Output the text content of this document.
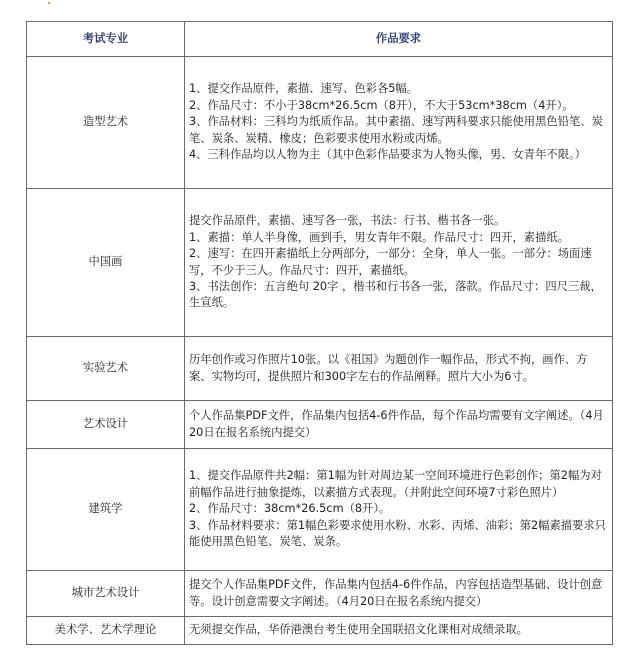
考试专业	作品要求
造型艺术	1、提交作品原件，素描、速写、色彩各5幅。
2、作品尺寸：不小于38cm*26.5cm（8开），不大于53cm*38cm（4开）。
3、作品材料：三科均为纸质作品。其中素描、速写两科要求只能使用黑色铅笔、炭笔、炭条、炭精、橡皮；色彩要求使用水粉或丙烯。
4、三科作品均以人物为主（其中色彩作品要求为人物头像，男、女青年不限。）

中国画	提交作品原件，素描、速写各一张，书法：行书、楷书各一张。
1、素描：单人半身像，画到手，男女青年不限。作品尺寸：四开，素描纸。
2、速写：在四开素描纸上分两部分，一部分：全身，单人一张。一部分：场面速写，不少于三人。作品尺寸：四开，素描纸。
3、书法创作：五言绝句 20字 ，楷书和行书各一张，落款。作品尺寸：四尺三裁，生宣纸。

实验艺术	历年创作或习作照片10张。以《祖国》为题创作一幅作品，形式不拘，画作、方案、实物均可，提供照片和300字左右的作品阐释。照片大小为6寸。

艺术设计	个人作品集PDF文件，作品集内包括4-6件作品，每个作品均需要有文字阐述。（4月20日在报名系统内提交）

建筑学	1、提交作品原件共2幅：第1幅为针对周边某一空间环境进行色彩创作；第2幅为对前幅作品进行抽象提炼，以素描方式表现。（并附此空间环境7寸彩色照片）
2、作品尺寸：38cm*26.5cm（8开）。
3、作品材料要求：第1幅色彩要求使用水粉、水彩、丙烯、油彩；第2幅素描要求只能使用黑色铅笔、炭笔、炭条。

城市艺术设计	提交个人作品集PDF文件，作品集内包括4-6件作品，内容包括造型基础、设计创意等。设计创意需要文字阐述。（4月20日在报名系统内提交）

美术学、艺术学理论	无须提交作品，华侨港澳台考生使用全国联招文化课相对成绩录取。
